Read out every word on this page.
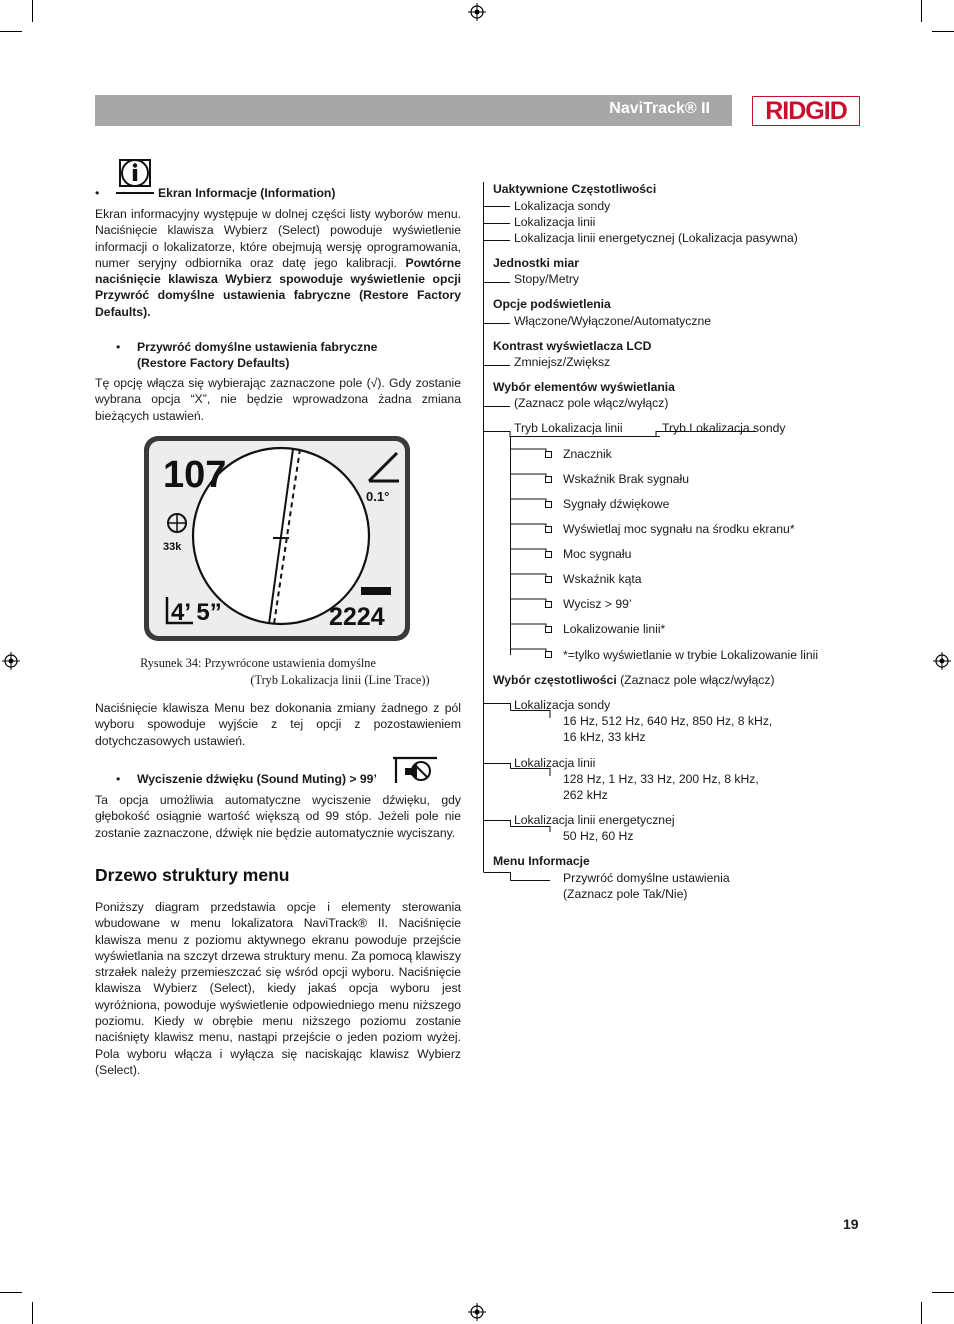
NaviTrack® II RIDGID
•	Ekran Informacje (Information)
Ekran informacyjny występuje w dolnej części listy wyborów menu. Naciśnięcie klawisza Wybierz (Select) powoduje wyświetlenie informacji o lokalizatorze, które obejmują wersję oprogramowania, numer seryjny odbiornika oraz datę jego kalibracji. Powtórne naciśnięcie klawisza Wybierz spowoduje wyświetlenie opcji Przywróć domyślne ustawienia fabryczne (Restore Factory Defaults).
• Przywróć domyślne ustawienia fabryczne
(Restore Factory Defaults)
Tę opcję włącza się wybierając zaznaczone pole (√). Gdy zostanie wybrana opcja “X”, nie będzie wprowadzona żadna zmiana bieżących ustawień.
107
0.1°
33k
4’ 5”	2224
Rysunek 34: Przywrócone ustawienia domyślne
(Tryb Lokalizacja linii (Line Trace))
Naciśnięcie klawisza Menu bez dokonania zmiany żadnego z pól wyboru spowoduje wyjście z tej opcji z pozostawieniem dotychczasowych ustawień.
• Wyciszenie dźwięku (Sound Muting) > 99’
Ta opcja umożliwia automatyczne wyciszenie dźwięku, gdy głębokość osiągnie wartość większą od 99 stóp. Jeżeli pole nie zostanie zaznaczone, dźwięk nie będzie automatycznie wyciszany.
Drzewo struktury menu
Poniższy diagram przedstawia opcje i elementy sterowania wbudowane w menu lokalizatora NaviTrack® II. Naciśnięcie klawisza menu z poziomu aktywnego ekranu powoduje przejście wyświetlania na szczyt drzewa struktury menu. Za pomocą klawiszy strzałek należy przemieszczać się wśród opcji wyboru. Naciśnięcie klawisza Wybierz (Select), kiedy jakaś opcja wyboru jest wyróżniona, powoduje wyświetlenie odpowiedniego menu niższego poziomu. Kiedy w obrębie menu niższego poziomu zostanie naciśnięty klawisz menu, nastąpi przejście o jeden poziom wyżej. Pola wyboru włącza i wyłącza się naciskając klawisz Wybierz (Select).
Uaktywnione Częstotliwości
Lokalizacja sondy
Lokalizacja linii
Lokalizacja linii energetycznej (Lokalizacja pasywna)
Jednostki miar
Stopy/Metry
Opcje podświetlenia
Włączone/Wyłączone/Automatyczne
Kontrast wyświetlacza LCD
Zmniejsz/Zwiększ
Wybór elementów wyświetlania
(Zaznacz pole włącz/wyłącz)
Tryb Lokalizacja linii	Tryb Lokalizacja sondy
Znacznik
Wskaźnik Brak sygnału
Sygnały dźwiękowe
Wyświetlaj moc sygnału na środku ekranu*
Moc sygnału
Wskaźnik kąta
Wycisz > 99’
Lokalizowanie linii*
*=tylko wyświetlanie w trybie Lokalizowanie linii
Wybór częstotliwości (Zaznacz pole włącz/wyłącz)
Lokalizacja sondy
16 Hz, 512 Hz, 640 Hz, 850 Hz, 8 kHz,
16 kHz, 33 kHz
Lokalizacja linii
128 Hz, 1 Hz, 33 Hz, 200 Hz, 8 kHz,
262 kHz
Lokalizacja linii energetycznej
50 Hz, 60 Hz
Menu Informacje
Przywróć domyślne ustawienia
(Zaznacz pole Tak/Nie)
19
